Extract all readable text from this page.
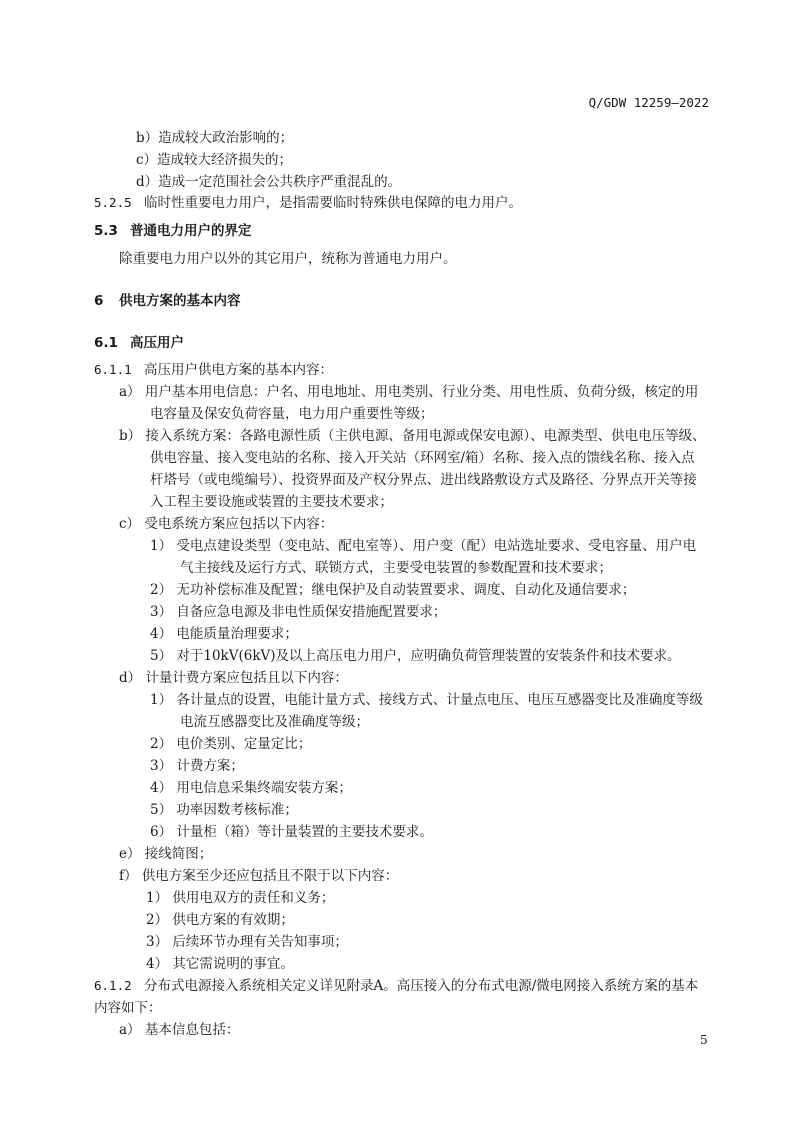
Q/GDW 12259—2022
b）造成较大政治影响的；
c）造成较大经济损失的；
d）造成一定范围社会公共秩序严重混乱的。
5.2.5 临时性重要电力用户，是指需要临时特殊供电保障的电力用户。
5.3 普通电力用户的界定
除重要电力用户以外的其它用户，统称为普通电力用户。
6 供电方案的基本内容
6.1 高压用户
6.1.1 高压用户供电方案的基本内容：
a） 用户基本用电信息：户名、用电地址、用电类别、行业分类、用电性质、负荷分级，核定的用
电容量及保安负荷容量，电力用户重要性等级；
b） 接入系统方案：各路电源性质（主供电源、备用电源或保安电源）、电源类型、供电电压等级、
供电容量、接入变电站的名称、接入开关站（环网室/箱）名称、接入点的馈线名称、接入点
杆塔号（或电缆编号）、投资界面及产权分界点、进出线路敷设方式及路径、分界点开关等接
入工程主要设施或装置的主要技术要求；
c） 受电系统方案应包括以下内容：
1） 受电点建设类型（变电站、配电室等）、用户变（配）电站选址要求、受电容量、用户电
气主接线及运行方式、联锁方式，主要受电装置的参数配置和技术要求；
2） 无功补偿标准及配置；继电保护及自动装置要求、调度、自动化及通信要求；
3） 自备应急电源及非电性质保安措施配置要求；
4） 电能质量治理要求；
5） 对于10kV(6kV)及以上高压电力用户，应明确负荷管理装置的安装条件和技术要求。
d） 计量计费方案应包括且以下内容：
1） 各计量点的设置，电能计量方式、接线方式、计量点电压、电压互感器变比及准确度等级
电流互感器变比及准确度等级；
2） 电价类别、定量定比；
3） 计费方案；
4） 用电信息采集终端安装方案；
5） 功率因数考核标准；
6） 计量柜（箱）等计量装置的主要技术要求。
e） 接线简图；
f） 供电方案至少还应包括且不限于以下内容：
1） 供用电双方的责任和义务；
2） 供电方案的有效期；
3） 后续环节办理有关告知事项；
4） 其它需说明的事宜。
6.1.2 分布式电源接入系统相关定义详见附录A。高压接入的分布式电源/微电网接入系统方案的基本
内容如下：
a） 基本信息包括：
5
